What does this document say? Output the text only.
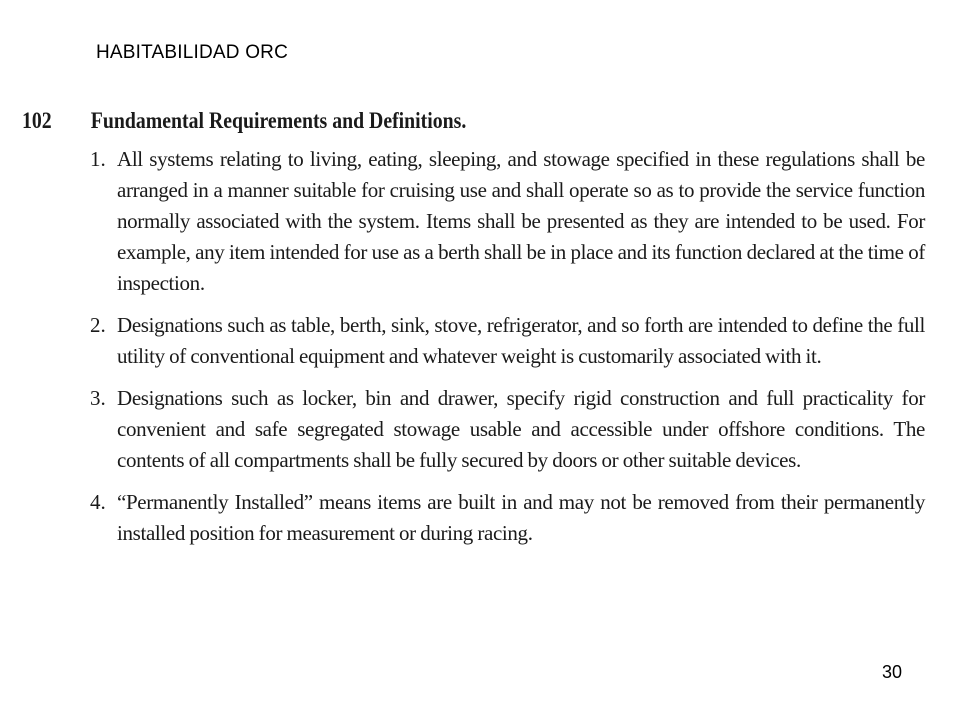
HABITABILIDAD ORC
102	Fundamental Requirements and Definitions.
1. All systems relating to living, eating, sleeping, and stowage specified in these regulations shall be arranged in a manner suitable for cruising use and shall operate so as to provide the service function normally associated with the system. Items shall be presented as they are intended to be used. For example, any item intended for use as a berth shall be in place and its function declared at the time of inspection.
2. Designations such as table, berth, sink, stove, refrigerator, and so forth are intended to define the full utility of conventional equipment and whatever weight is customarily associated with it.
3. Designations such as locker, bin and drawer, specify rigid construction and full practicality for convenient and safe segregated stowage usable and accessible under offshore conditions. The contents of all compartments shall be fully secured by doors or other suitable devices.
4. “Permanently Installed” means items are built in and may not be removed from their permanently installed position for measurement or during racing.
30
